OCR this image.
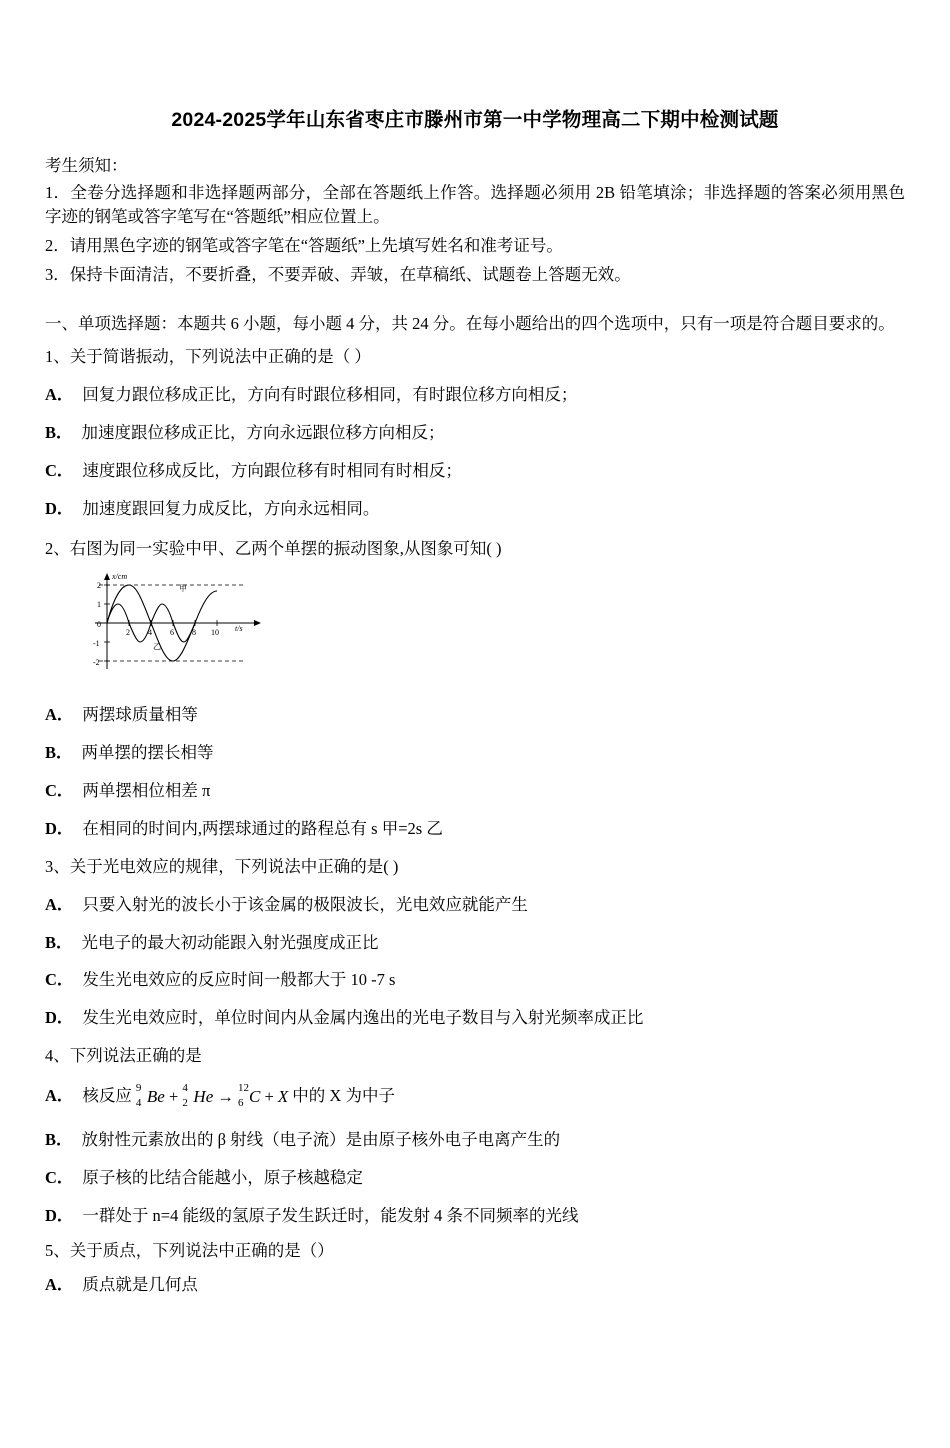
2024-2025学年山东省枣庄市滕州市第一中学物理高二下期中检测试题
考生须知：
1．全卷分选择题和非选择题两部分，全部在答题纸上作答。选择题必须用 2B 铅笔填涂；非选择题的答案必须用黑色字迹的钢笔或答字笔写在“答题纸”相应位置上。
2．请用黑色字迹的钢笔或答字笔在“答题纸”上先填写姓名和准考证号。
3．保持卡面清洁，不要折叠，不要弄破、弄皱，在草稿纸、试题卷上答题无效。
一、单项选择题：本题共 6 小题，每小题 4 分，共 24 分。在每小题给出的四个选项中，只有一项是符合题目要求的。
1、关于简谐振动，下列说法中正确的是（ ）
A． 回复力跟位移成正比，方向有时跟位移相同，有时跟位移方向相反；
B． 加速度跟位移成正比，方向永远跟位移方向相反；
C． 速度跟位移成反比，方向跟位移有时相同有时相反；
D． 加速度跟回复力成反比，方向永远相同。
2、右图为同一实验中甲、乙两个单摆的振动图象,从图象可知( )
2
1
0
-1
-2
2 4 6 8 10
x/cm
t/s
甲
乙
A． 两摆球质量相等
B． 两单摆的摆长相等
C． 两单摆相位相差 π
D． 在相同的时间内,两摆球通过的路程总有 s 甲=2s 乙
3、关于光电效应的规律，下列说法中正确的是( )
A． 只要入射光的波长小于该金属的极限波长，光电效应就能产生
B． 光电子的最大初动能跟入射光强度成正比
C． 发生光电效应的反应时间一般都大于 10 -7 s
D． 发生光电效应时，单位时间内从金属内逸出的光电子数目与入射光频率成正比
4、下列说法正确的是
A． 核反应 9
4 Be + 4
2 He → 12
6 C + X 中的 X 为中子
B． 放射性元素放出的 β 射线（电子流）是由原子核外电子电离产生的
C． 原子核的比结合能越小，原子核越稳定
D． 一群处于 n=4 能级的氢原子发生跃迁时，能发射 4 条不同频率的光线
5、关于质点，下列说法中正确的是（）
A． 质点就是几何点
